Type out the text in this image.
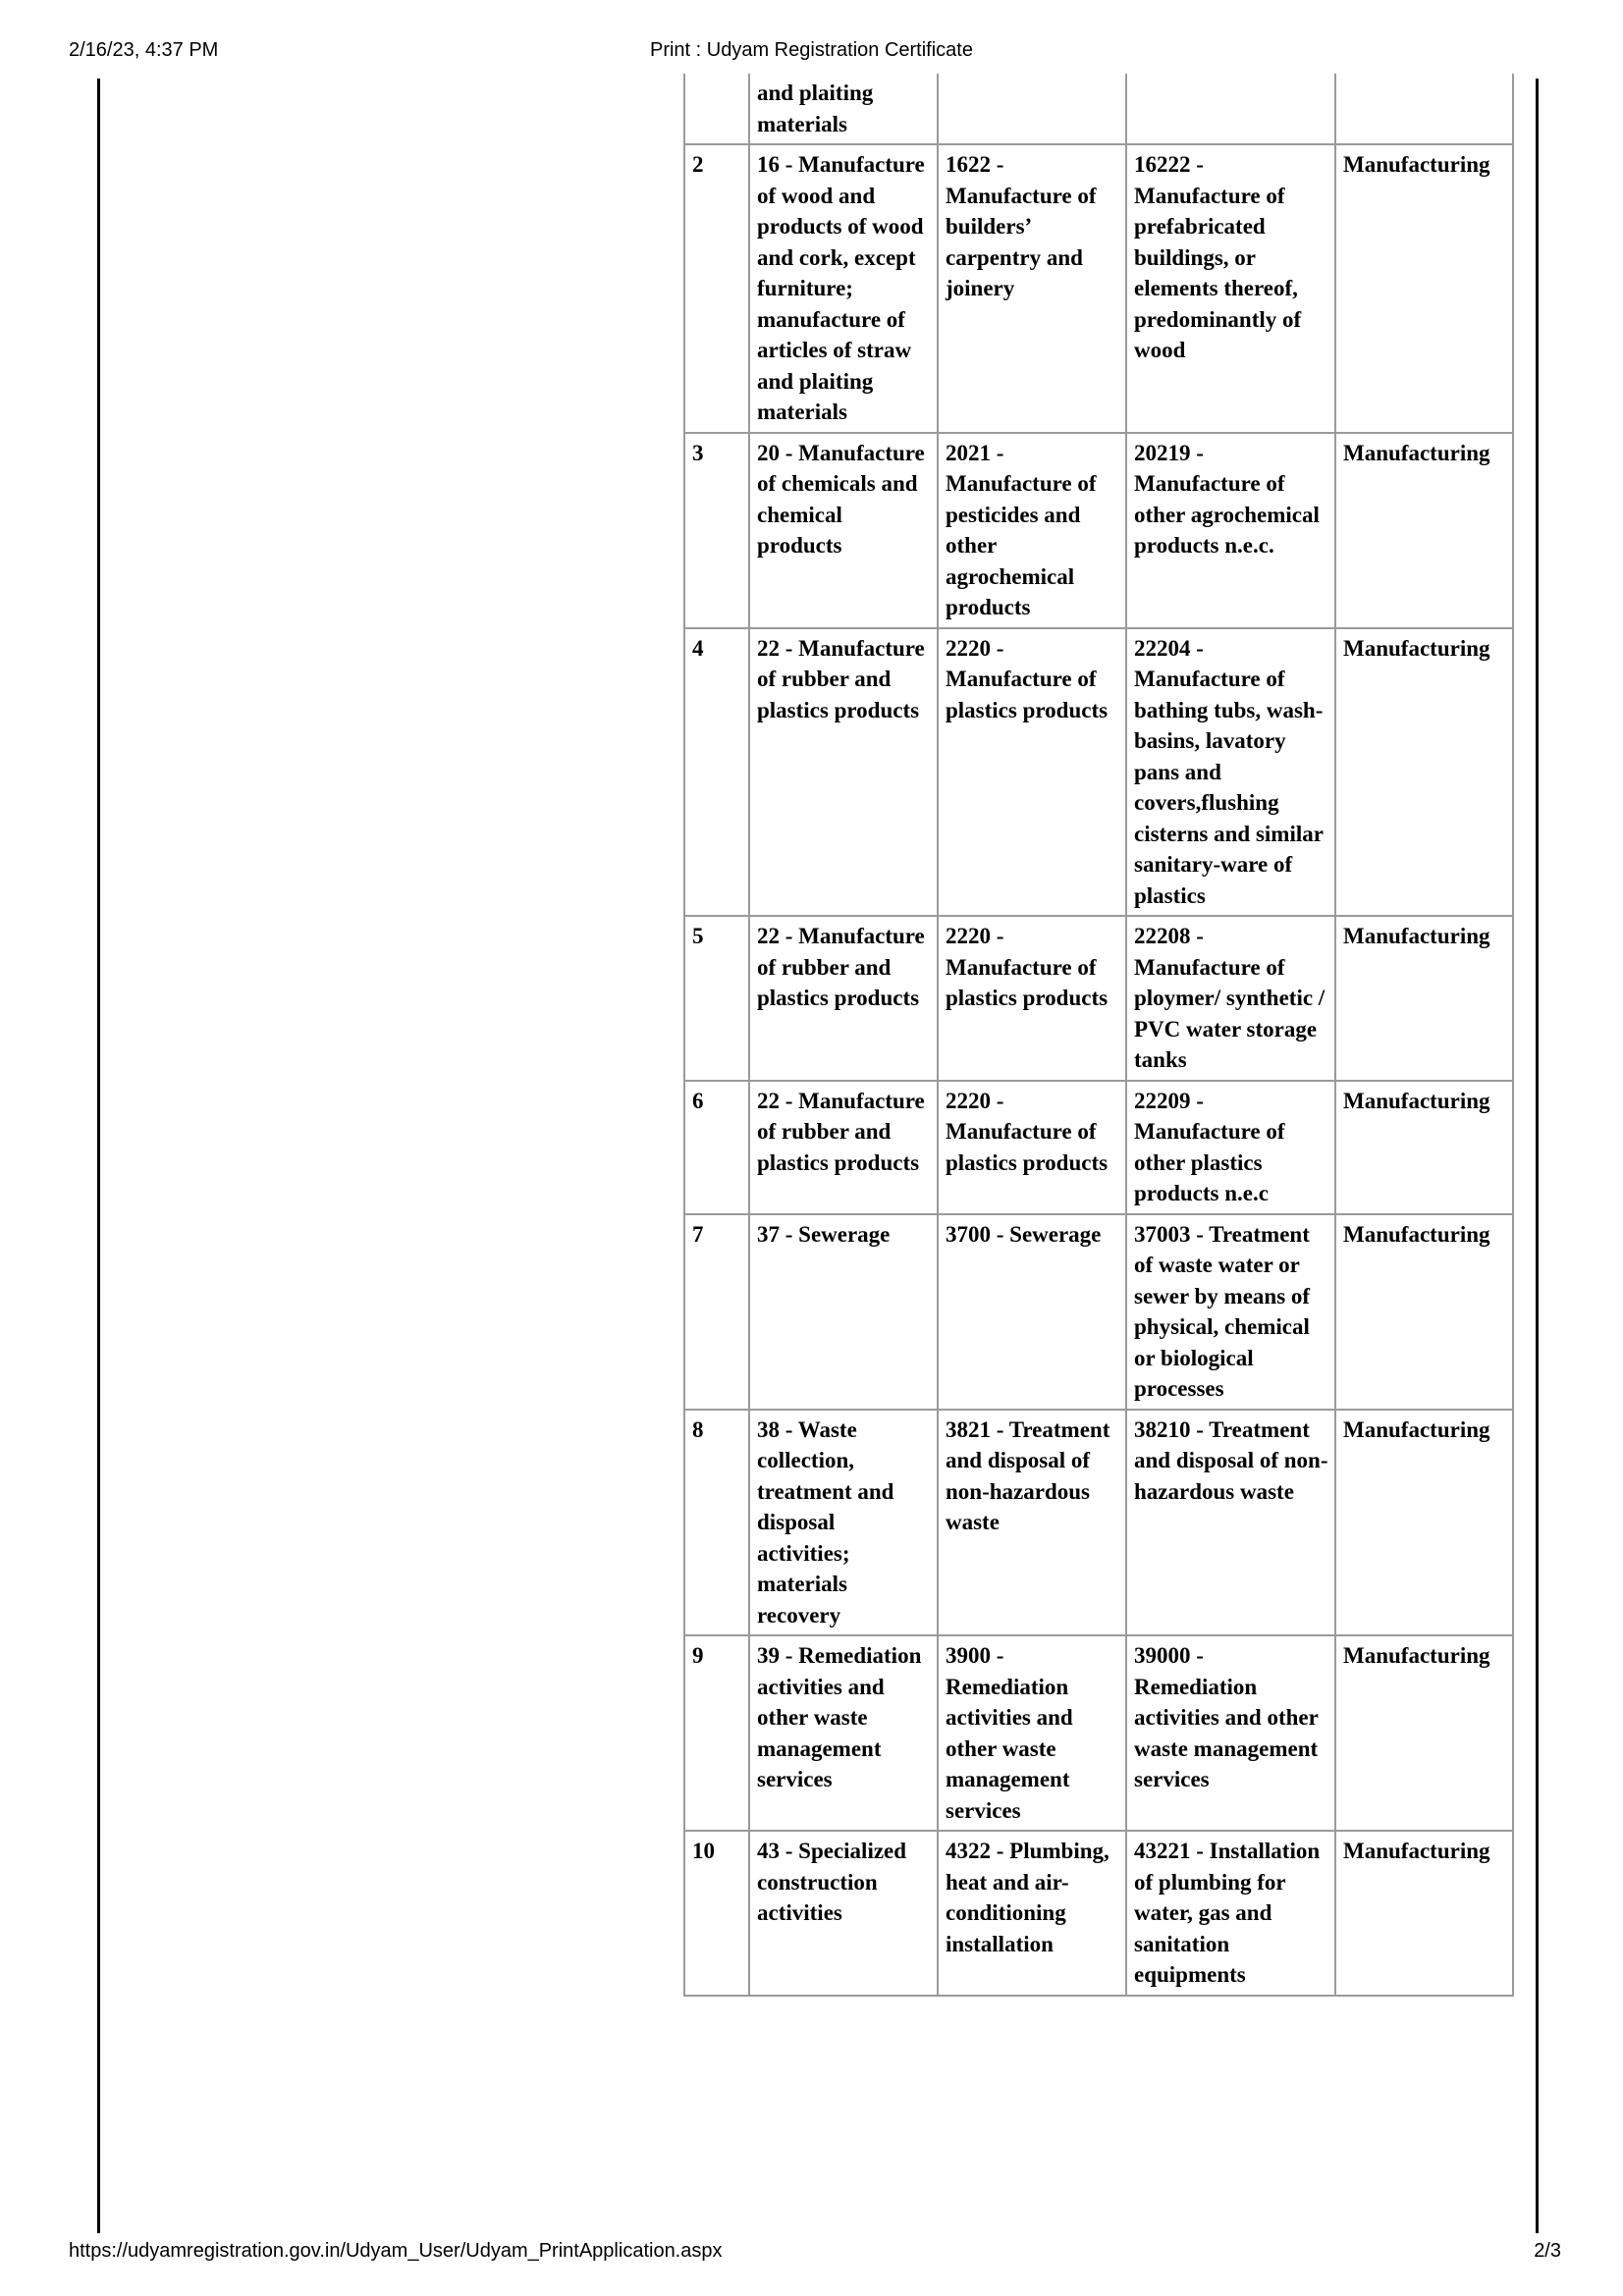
2/16/23, 4:37 PM	Print : Udyam Registration Certificate
	and plaiting materials			
2	16 - Manufacture of wood and products of wood and cork, except furniture; manufacture of articles of straw and plaiting materials	1622 - Manufacture of builders’ carpentry and joinery	16222 - Manufacture of prefabricated buildings, or elements thereof, predominantly of wood	Manufacturing
3	20 - Manufacture of chemicals and chemical products	2021 - Manufacture of pesticides and other agrochemical products	20219 - Manufacture of other agrochemical products n.e.c.	Manufacturing
4	22 - Manufacture of rubber and plastics products	2220 - Manufacture of plastics products	22204 - Manufacture of bathing tubs, wash-basins, lavatory pans and covers,flushing cisterns and similar sanitary-ware of plastics	Manufacturing
5	22 - Manufacture of rubber and plastics products	2220 - Manufacture of plastics products	22208 - Manufacture of ploymer/ synthetic / PVC water storage tanks	Manufacturing
6	22 - Manufacture of rubber and plastics products	2220 - Manufacture of plastics products	22209 - Manufacture of other plastics products n.e.c	Manufacturing
7	37 - Sewerage	3700 - Sewerage	37003 - Treatment of waste water or sewer by means of physical, chemical or biological processes	Manufacturing
8	38 - Waste collection, treatment and disposal activities; materials recovery	3821 - Treatment and disposal of non-hazardous waste	38210 - Treatment and disposal of non-hazardous waste	Manufacturing
9	39 - Remediation activities and other waste management services	3900 - Remediation activities and other waste management services	39000 - Remediation activities and other waste management services	Manufacturing
10	43 - Specialized construction activities	4322 - Plumbing, heat and air-conditioning installation	43221 - Installation of plumbing for water, gas and sanitation equipments	Manufacturing
https://udyamregistration.gov.in/Udyam_User/Udyam_PrintApplication.aspx	2/3
